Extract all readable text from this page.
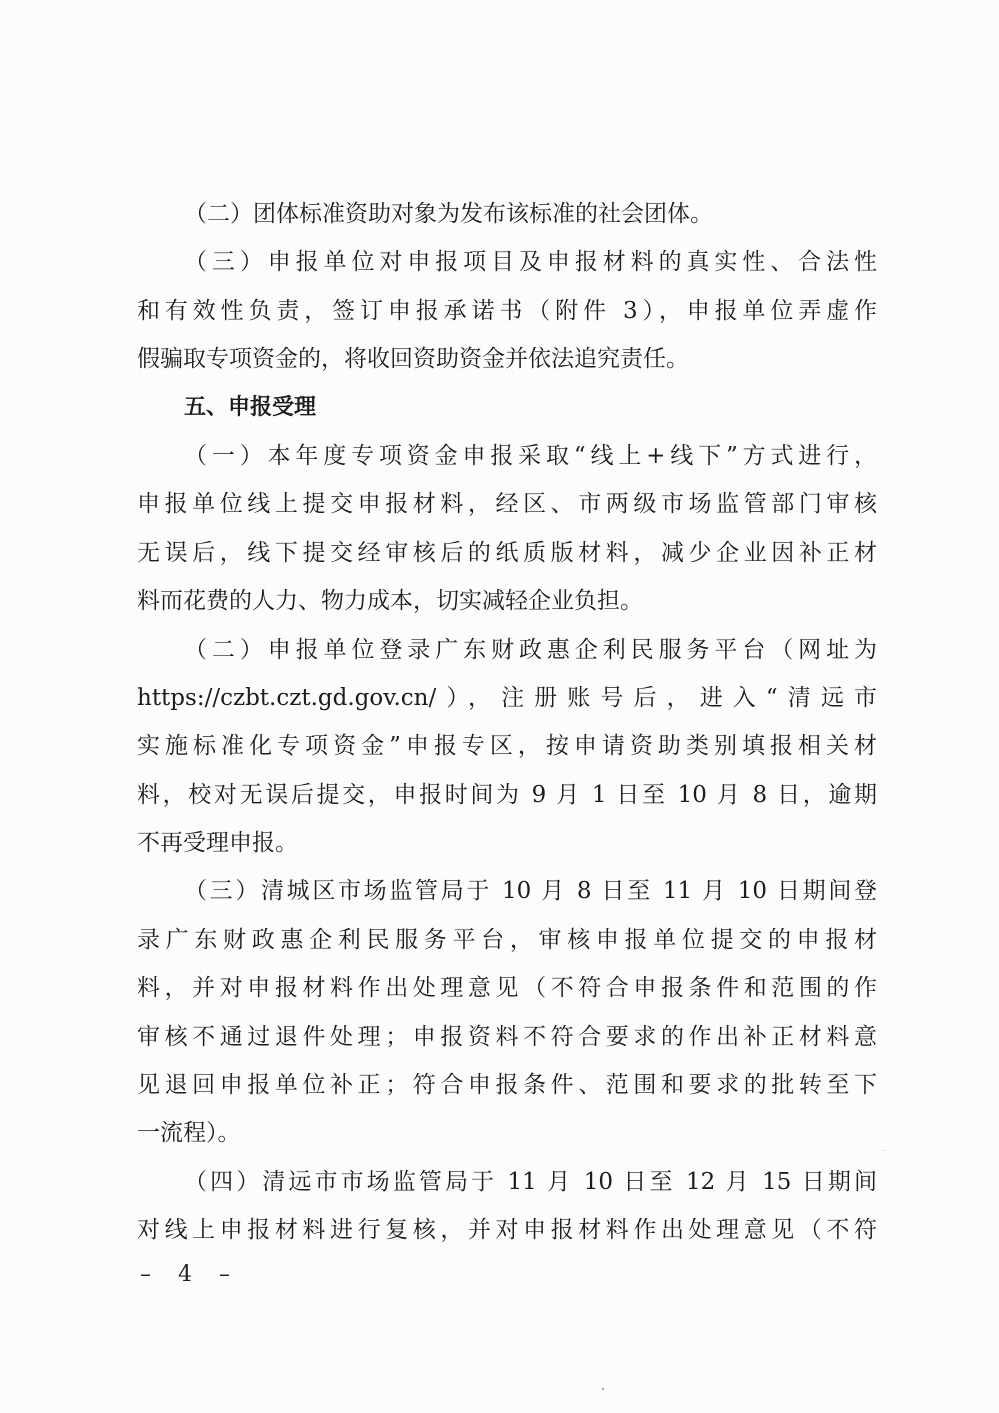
（二）团体标准资助对象为发布该标准的社会团体。
（三）申报单位对申报项目及申报材料的真实性、合法性
和有效性负责，签订申报承诺书（附件 3），申报单位弄虚作
假骗取专项资金的，将收回资助资金并依法追究责任。
五、申报受理
（一）本年度专项资金申报采取“线上+线下”方式进行，
申报单位线上提交申报材料，经区、市两级市场监管部门审核
无误后，线下提交经审核后的纸质版材料，减少企业因补正材
料而花费的人力、物力成本，切实减轻企业负担。
（二）申报单位登录广东财政惠企利民服务平台（网址为
https://czbt.czt.gd.gov.cn/），注册账号后，进入“清远市
实施标准化专项资金”申报专区，按申请资助类别填报相关材
料，校对无误后提交，申报时间为 9 月 1 日至 10 月 8 日，逾期
不再受理申报。
（三）清城区市场监管局于 10 月 8 日至 11 月 10 日期间登
录广东财政惠企利民服务平台，审核申报单位提交的申报材
料，并对申报材料作出处理意见（不符合申报条件和范围的作
审核不通过退件处理；申报资料不符合要求的作出补正材料意
见退回申报单位补正；符合申报条件、范围和要求的批转至下
一流程）。
（四）清远市市场监管局于 11 月 10 日至 12 月 15 日期间
对线上申报材料进行复核，并对申报材料作出处理意见（不符
– 4 –
